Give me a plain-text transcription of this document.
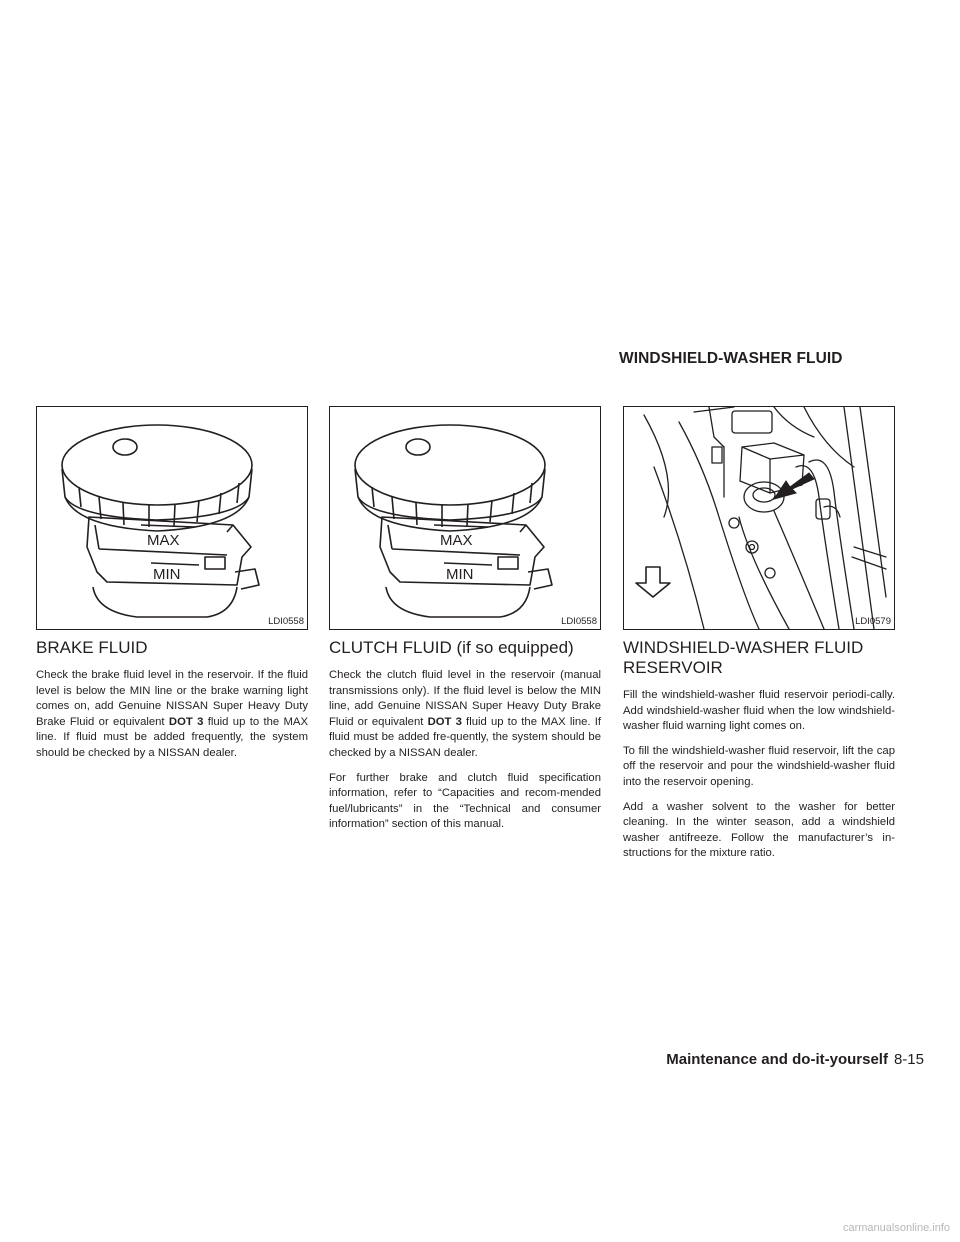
WINDSHIELD-WASHER FLUID
MAX
MIN
LDI0558
BRAKE FLUID

Check the brake fluid level in the reservoir. If the fluid level is below the MIN line or the brake warning light comes on, add Genuine NISSAN Super Heavy Duty Brake Fluid or equivalent DOT 3 fluid up to the MAX line. If fluid must be added frequently, the system should be checked by a NISSAN dealer.

MAX
MIN
LDI0558
CLUTCH FLUID (if so equipped)

Check the clutch fluid level in the reservoir (manual transmissions only). If the fluid level is below the MIN line, add Genuine NISSAN Super Heavy Duty Brake Fluid or equivalent DOT 3 fluid up to the MAX line. If fluid must be added fre-quently, the system should be checked by a NISSAN dealer.

For further brake and clutch fluid specification information, refer to “Capacities and recom-mended fuel/lubricants” in the “Technical and consumer information” section of this manual.

LDI0579
WINDSHIELD-WASHER FLUID RESERVOIR

Fill the windshield-washer fluid reservoir periodi-cally. Add windshield-washer fluid when the low windshield-washer fluid warning light comes on.

To fill the windshield-washer fluid reservoir, lift the cap off the reservoir and pour the windshield-washer fluid into the reservoir opening.

Add a washer solvent to the washer for better cleaning. In the winter season, add a windshield washer antifreeze. Follow the manufacturer’s in-structions for the mixture ratio.

Maintenance and do-it-yourself 8-15
carmanualsonline.info
